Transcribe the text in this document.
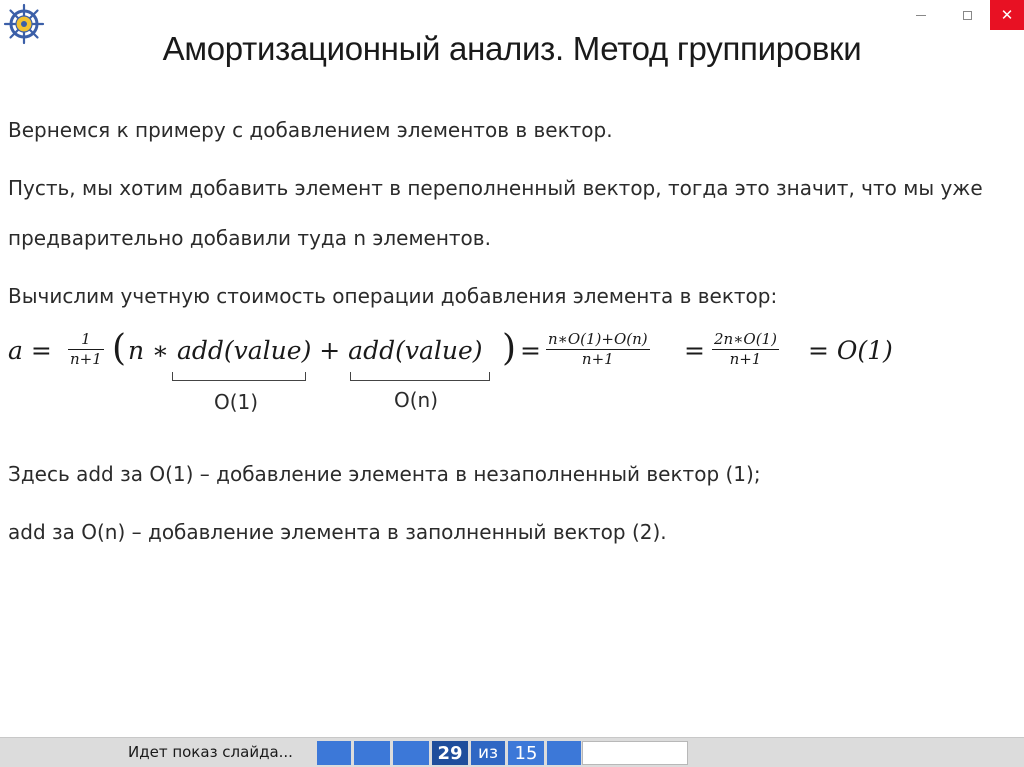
✕
Амортизационный анализ. Метод группировки
Вернемся к примеру с добавлением элементов в вектор.
Пусть, мы хотим добавить элемент в переполненный вектор, тогда это значит, что мы уже
предварительно добавили туда n элементов.
Вычислим учетную стоимость операции добавления элемента в вектор:
a = 1
n+1 ( n ∗ add(value) + add(value) ) = n∗O(1)+O(n)
n+1	= 2n∗O(1)
n+1 = O(1)
O(1)	O(n)
Здесь add за O(1) – добавление элемента в незаполненный вектор (1);
add за O(n) – добавление элемента в заполненный вектор (2).
Идет показ слайда...	29 из 15
